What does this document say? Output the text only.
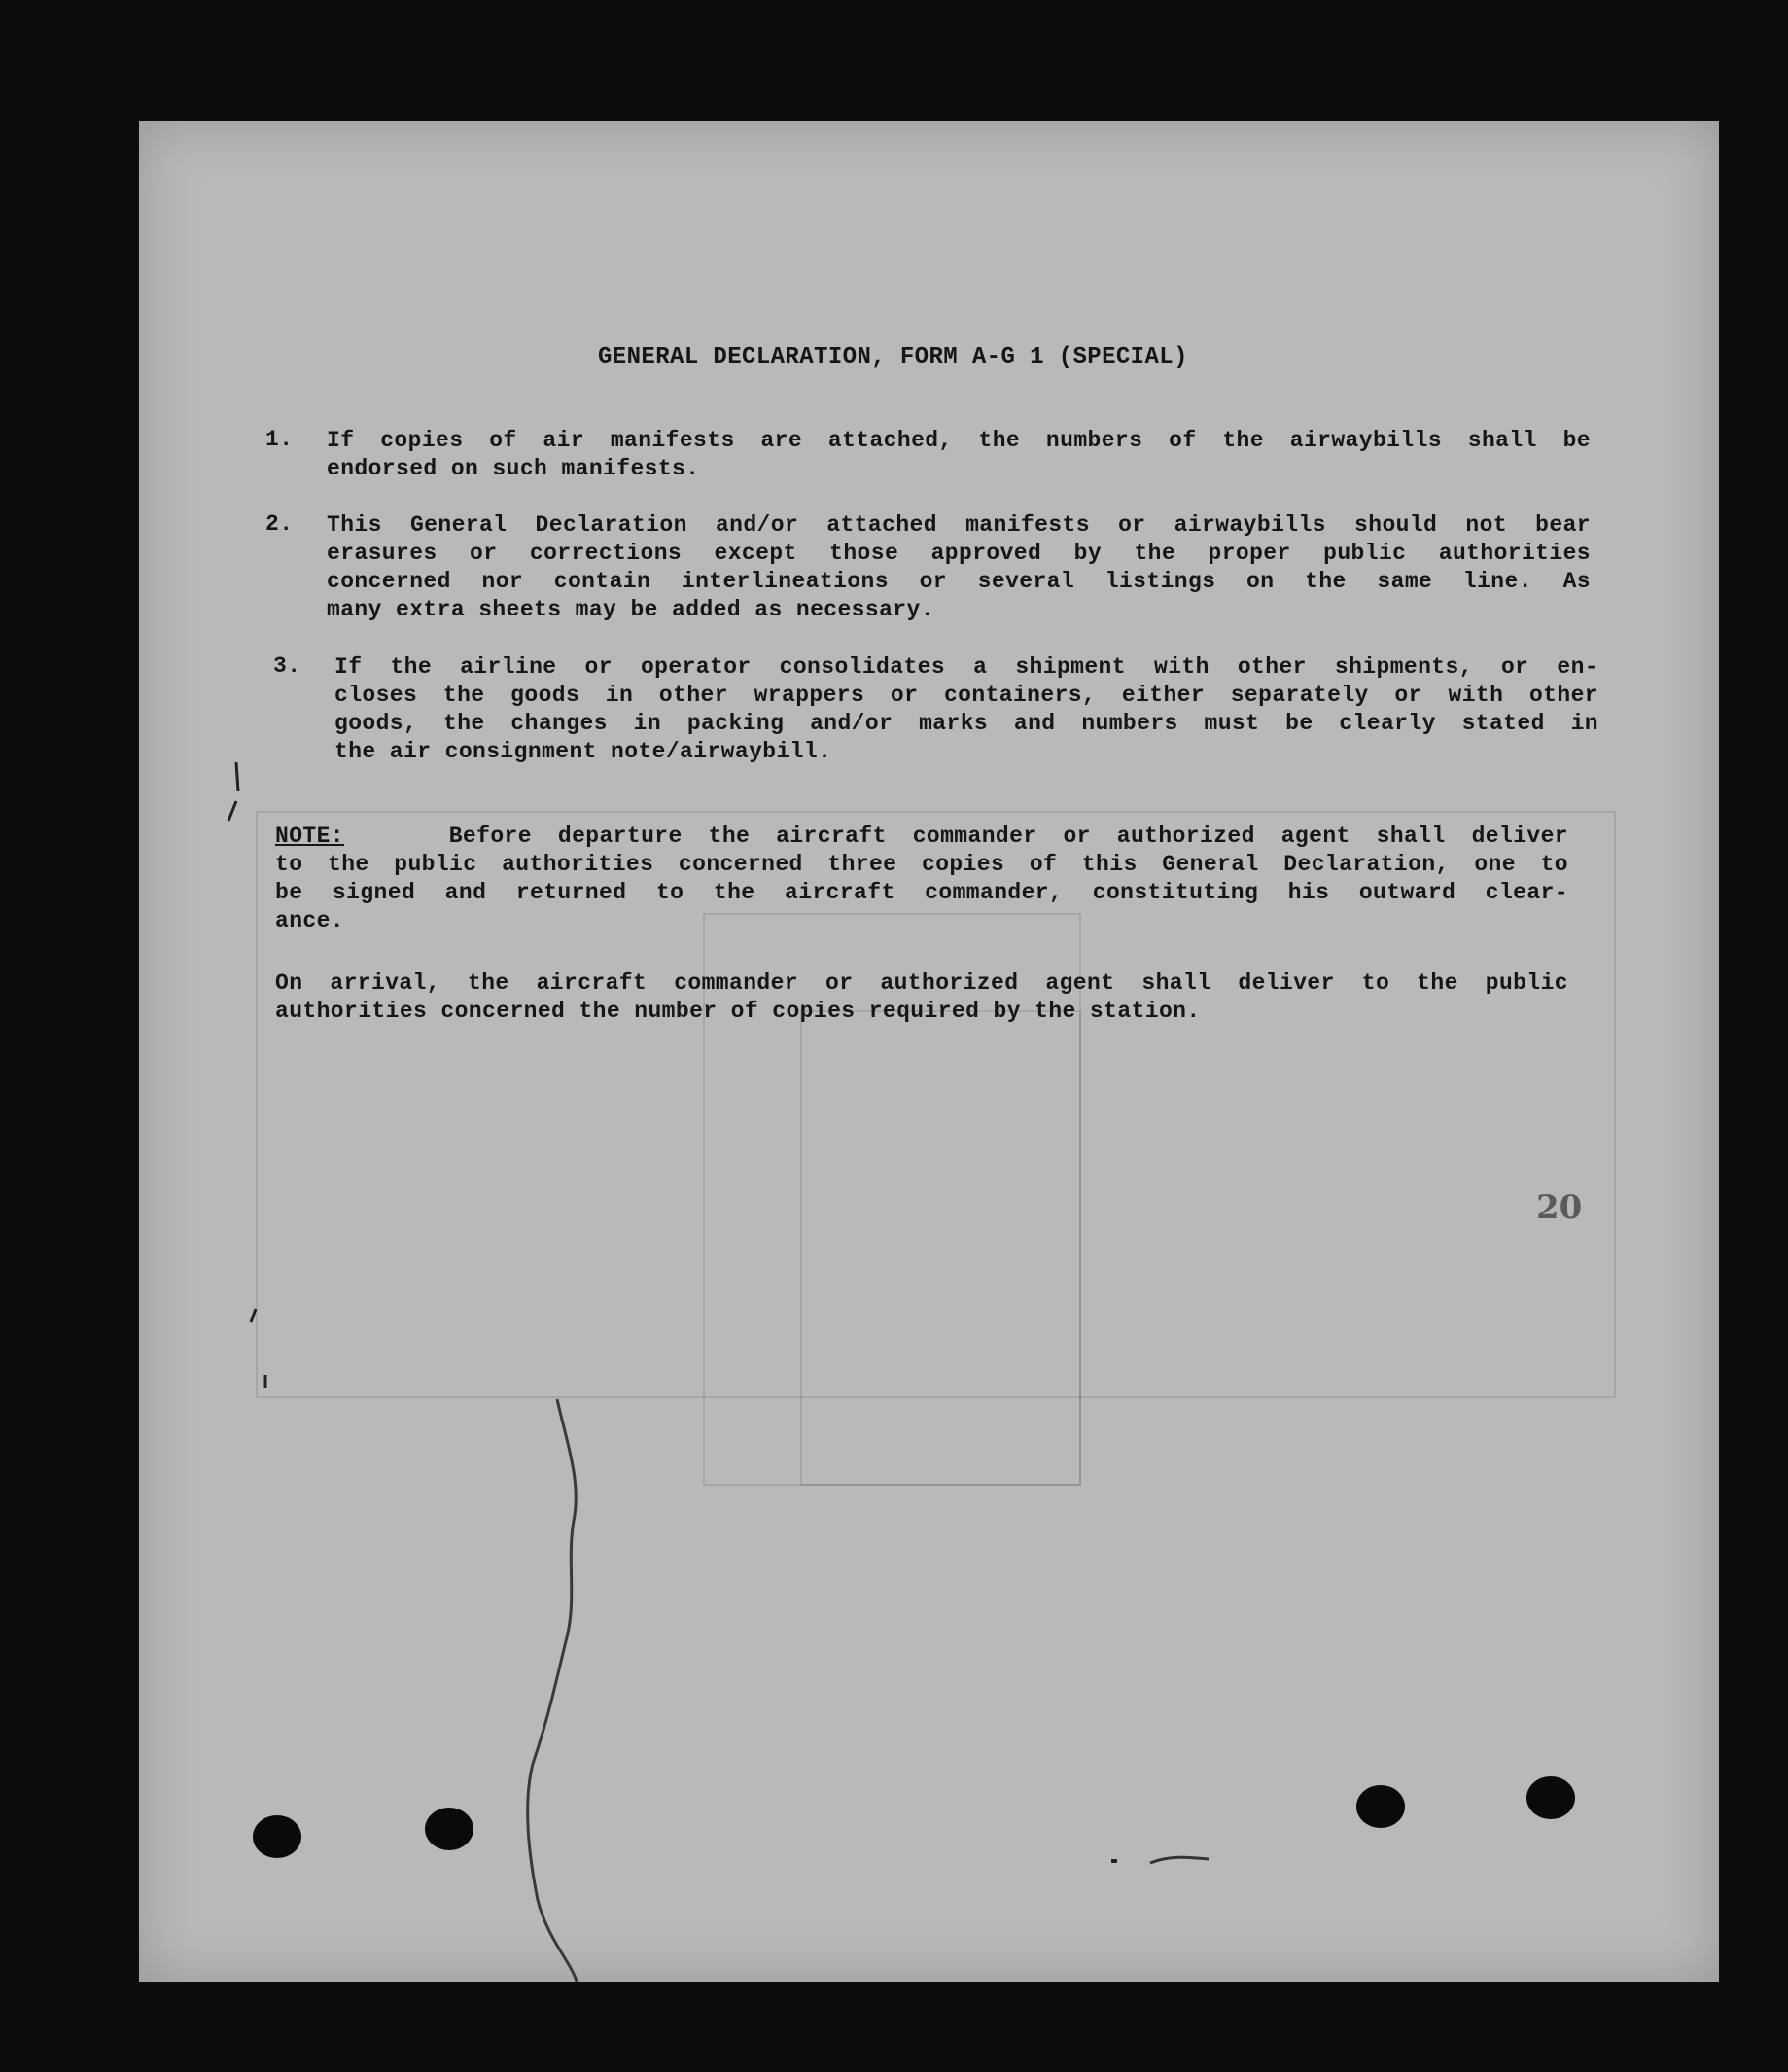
GENERAL DECLARATION, FORM A-G 1 (SPECIAL)
1. If copies of air manifests are attached, the numbers of the airwaybills shall be
endorsed on such manifests.
2. This General Declaration and/or attached manifests or airwaybills should not bear
erasures or corrections except those approved by the proper public authorities
concerned nor contain interlineations or several listings on the same line. As
many extra sheets may be added as necessary.
3. If the airline or operator consolidates a shipment with other shipments, or en-
closes the goods in other wrappers or containers, either separately or with other
goods, the changes in packing and/or marks and numbers must be clearly stated in
the air consignment note/airwaybill.
NOTE:	Before departure the aircraft commander or authorized agent shall deliver
to the public authorities concerned three copies of this General Declaration, one to
be signed and returned to the aircraft commander, constituting his outward clear-
ance.
On arrival, the aircraft commander or authorized agent shall deliver to the public
authorities concerned the number of copies required by the station.
20
